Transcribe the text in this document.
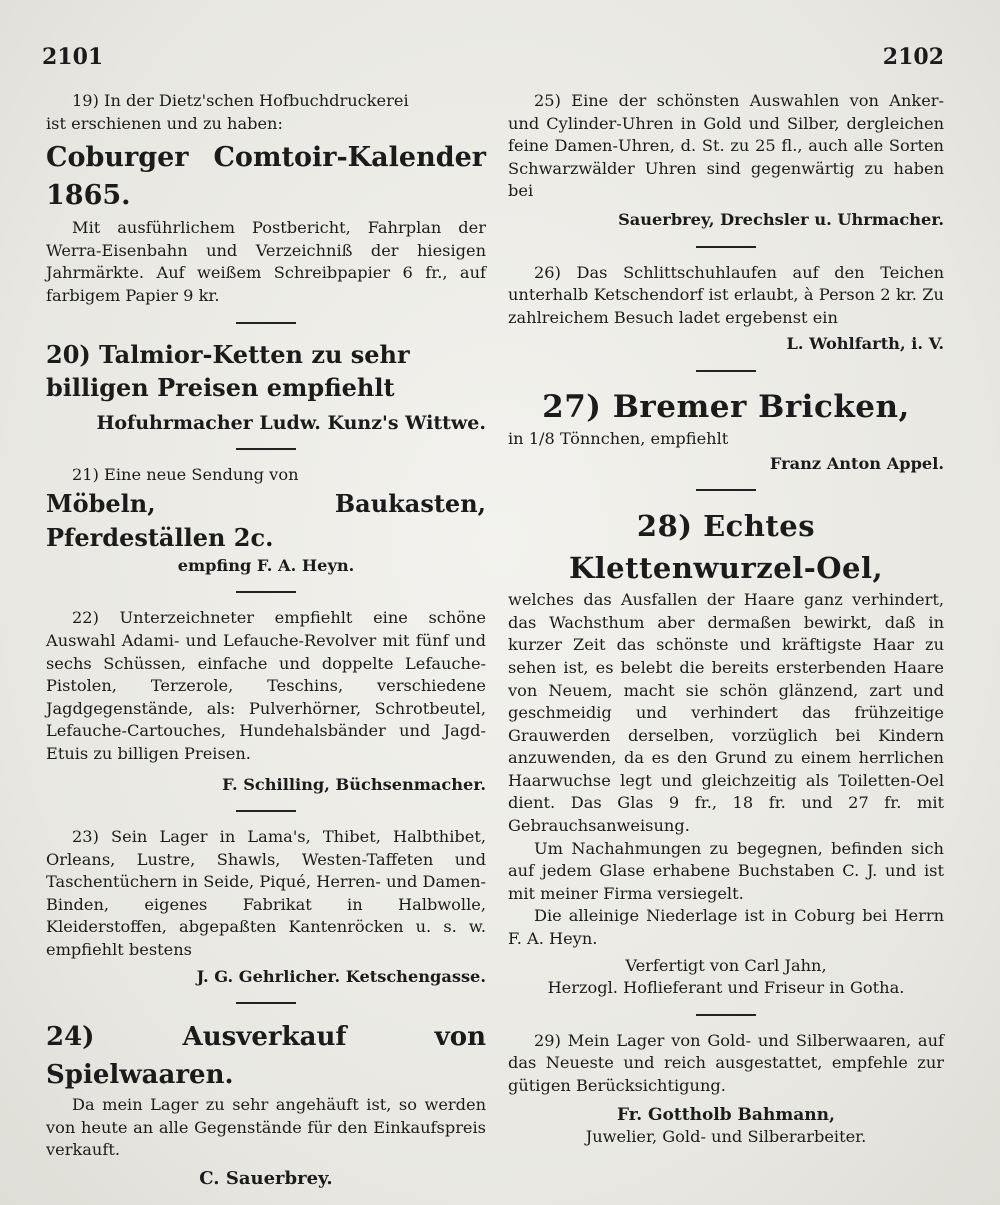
2101	2102

19) In der Dietz'schen Hofbuchdruckerei

ist erschienen und zu haben:

Coburger Comtoir-Kalender 1865.

Mit ausführlichem Postbericht, Fahrplan der Werra-Eisenbahn und Verzeichniß der hiesigen Jahrmärkte. Auf weißem Schreibpapier 6 fr., auf farbigem Papier 9 kr.

20) Talmior-Ketten zu sehr billigen Preisen empfiehlt

Hofuhrmacher Ludw. Kunz's Wittwe.

21) Eine neue Sendung von

Möbeln, Baukasten, Pferdeställen 2c.

empfing F. A. Heyn.

22) Unterzeichneter empfiehlt eine schöne Auswahl Adami- und Lefauche-Revolver mit fünf und sechs Schüssen, einfache und doppelte Lefauche-Pistolen, Terzerole, Teschins, verschiedene Jagdgegenstände, als: Pulverhörner, Schrotbeutel, Lefauche-Cartouches, Hundehalsbänder und Jagd-Etuis zu billigen Preisen.

F. Schilling, Büchsenmacher.

23) Sein Lager in Lama's, Thibet, Halbthibet, Orleans, Lustre, Shawls, Westen-Taffeten und Taschentüchern in Seide, Piqué, Herren- und Damen-Binden, eigenes Fabrikat in Halbwolle, Kleiderstoffen, abgepaßten Kantenröcken u. s. w. empfiehlt bestens

J. G. Gehrlicher. Ketschengasse.

24) Ausverkauf von Spielwaaren.

Da mein Lager zu sehr angehäuft ist, so werden von heute an alle Gegenstände für den Einkaufspreis verkauft.

C. Sauerbrey.

25) Eine der schönsten Auswahlen von Anker- und Cylinder-Uhren in Gold und Silber, dergleichen feine Damen-Uhren, d. St. zu 25 fl., auch alle Sorten Schwarzwälder Uhren sind gegenwärtig zu haben bei

Sauerbrey, Drechsler u. Uhrmacher.

26) Das Schlittschuhlaufen auf den Teichen unterhalb Ketschendorf ist erlaubt, à Person 2 kr. Zu zahlreichem Besuch ladet ergebenst ein

L. Wohlfarth, i. V.

27) Bremer Bricken,

in 1/8 Tönnchen, empfiehlt

Franz Anton Appel.

28) Echtes Klettenwurzel-Oel,

welches das Ausfallen der Haare ganz verhindert, das Wachsthum aber dermaßen bewirkt, daß in kurzer Zeit das schönste und kräftigste Haar zu sehen ist, es belebt die bereits ersterbenden Haare von Neuem, macht sie schön glänzend, zart und geschmeidig und verhindert das frühzeitige Grauwerden derselben, vorzüglich bei Kindern anzuwenden, da es den Grund zu einem herrlichen Haarwuchse legt und gleichzeitig als Toiletten-Oel dient. Das Glas 9 fr., 18 fr. und 27 fr. mit Gebrauchsanweisung.

Um Nachahmungen zu begegnen, befinden sich auf jedem Glase erhabene Buchstaben C. J. und ist mit meiner Firma versiegelt.

Die alleinige Niederlage ist in Coburg bei Herrn F. A. Heyn.

Verfertigt von Carl Jahn,

Herzogl. Hoflieferant und Friseur in Gotha.

29) Mein Lager von Gold- und Silberwaaren, auf das Neueste und reich ausgestattet, empfehle zur gütigen Berücksichtigung.

Fr. Gottholb Bahmann,

Juwelier, Gold- und Silberarbeiter.
